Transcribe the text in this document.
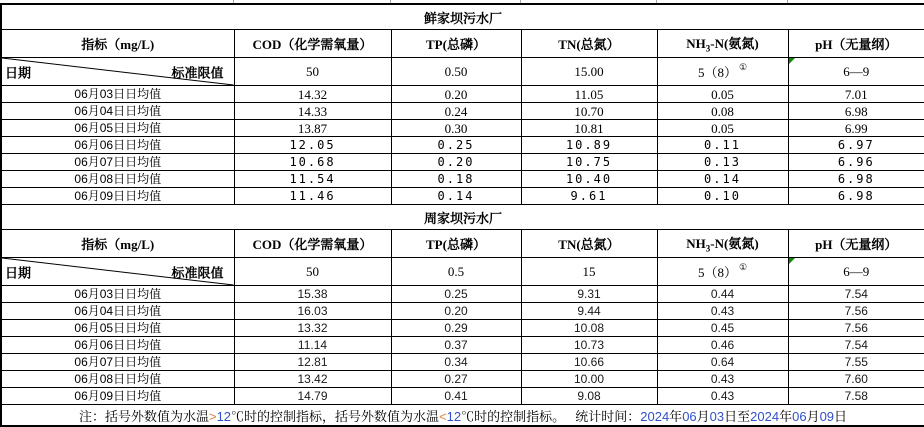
鲜家坝污水厂					
指标（mg/L)	COD（化学需氧量）	TP(总磷）	TN(总氮）	$NH_3-N$(氨氮)	pH（无量纲）

日期 标准限值	50	0.50	15.00	5（8） ①	6—9
06月03日日均值	14.32	0.20	11.05	0.05	7.01
06月04日日均值	14.33	0.24	10.70	0.08	6.98
06月05日日均值	13.87	0.30	10.81	0.05	6.99
06月06日日均值	12.05	0.25	10.89	0.11	6.97
06月07日日均值	10.68	0.20	10.75	0.13	6.96
06月08日日均值	11.54	0.18	10.40	0.14	6.98
06月09日日均值	11.46	0.14	9.61	0.10	6.98
周家坝污水厂					
指标（mg/L)	COD（化学需氧量）	TP(总磷）	TN(总氮）	$NH_3-N$(氨氮)	pH（无量纲）

日期 标准限值	50	0.5	15	5（8） ①	6—9
06月03日日均值	15.38	0.25	9.31	0.44	7.54
06月04日日均值	16.03	0.20	9.44	0.43	7.56
06月05日日均值	13.32	0.29	10.08	0.45	7.56
06月06日日均值	11.14	0.37	10.73	0.46	7.54
06月07日日均值	12.81	0.34	10.66	0.64	7.55
06月08日日均值	13.42	0.27	10.00	0.43	7.60
06月09日日均值	14.79	0.41	9.08	0.43	7.58
注：括号外数值为水温>12℃时的控制指标，括号外数值为水温<12℃时的控制指标。　 统计时间：2024年06月03日至2024年06月09日					
